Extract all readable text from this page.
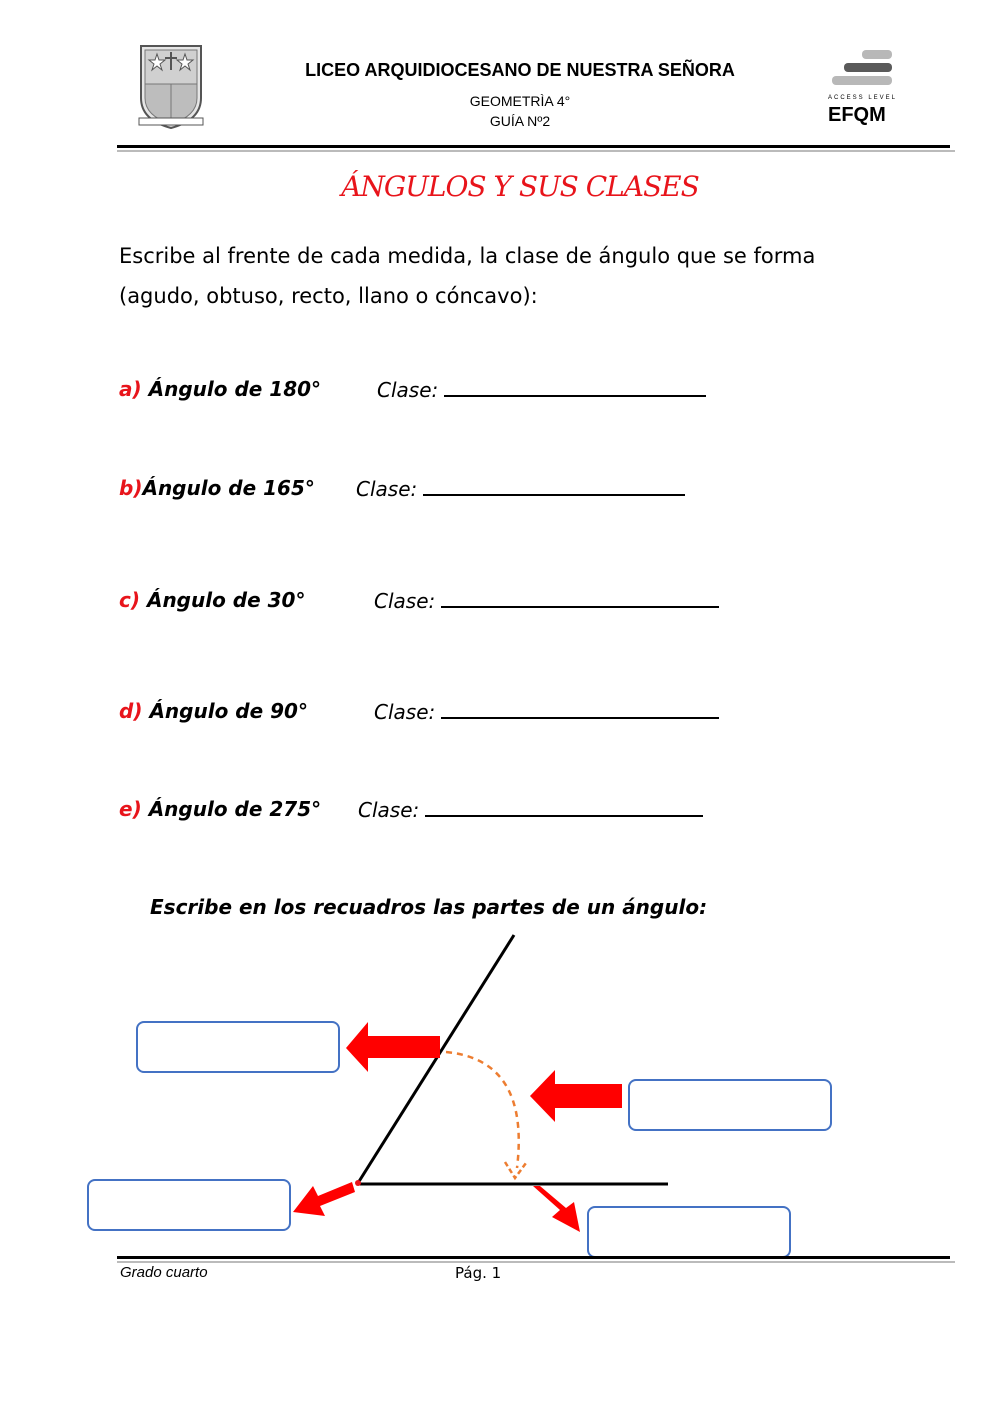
LICEO ARQUIDIOCESANO DE NUESTRA SEÑORA
GEOMETRÌA 4°
GUÍA Nº2
ACCESS LEVEL
EFQM
ÁNGULOS Y SUS CLASES
Escribe al frente de cada medida, la clase de ángulo que se forma
(agudo, obtuso, recto, llano o cóncavo):
a) Ángulo de 180°	Clase:
b)Ángulo de 165° Clase:
c) Ángulo de 30°	Clase:
d) Ángulo de 90°	Clase:
e) Ángulo de 275° Clase:
Escribe en los recuadros las partes de un ángulo:
Grado cuarto	Pág. 1
